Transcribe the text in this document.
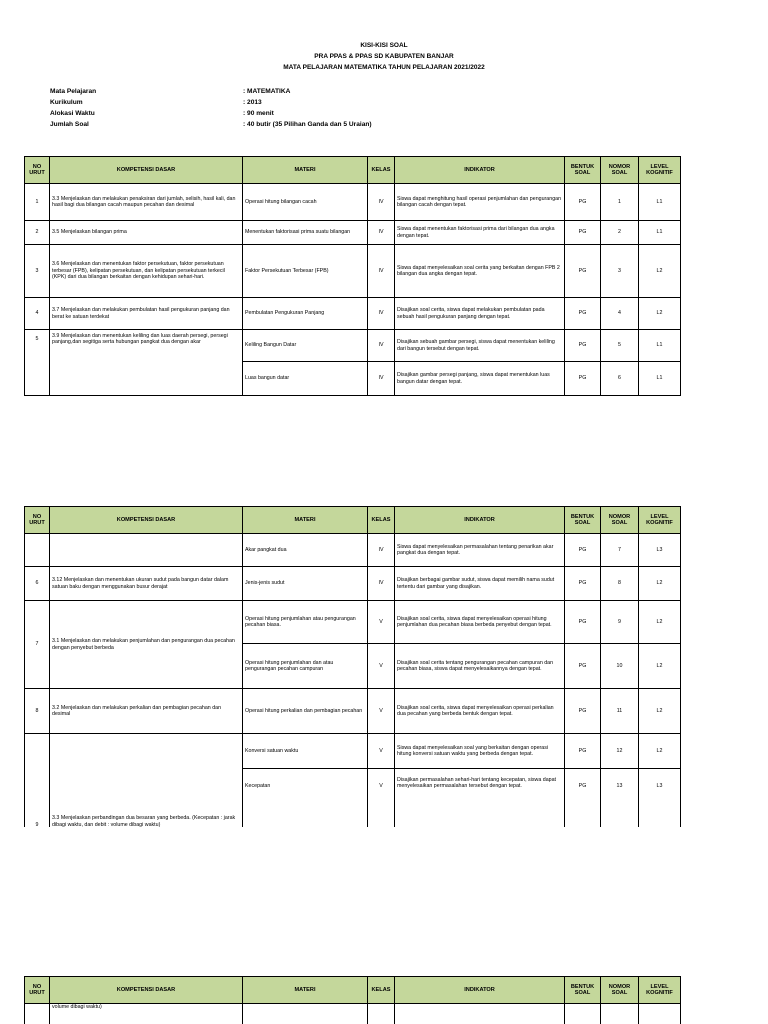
KISI-KISI SOAL
PRA PPAS & PPAS SD KABUPATEN BANJAR
MATA PELAJARAN MATEMATIKA TAHUN PELAJARAN 2021/2022
Mata Pelajaran	: MATEMATIKA
Kurikulum	: 2013
Alokasi Waktu	: 90 menit
Jumlah Soal	: 40 butir (35 Pilihan Ganda dan 5 Uraian)
NO URUT	KOMPETENSI DASAR	MATERI	KELAS	INDIKATOR	BENTUK SOAL	NOMOR SOAL	LEVEL KOGNITIF
1	3.3 Menjelaskan dan melakukan penaksiran dari jumlah, selisih, hasil kali, dan hasil bagi dua bilangan cacah maupun pecahan dan desimal	Operasi hitung bilangan cacah	IV	Siswa dapat menghitung hasil operasi penjumlahan dan pengurangan bilangan cacah dengan tepat.	PG	1	L1
2	3.5 Menjelaskan bilangan prima	Menentukan faktorisasi prima suatu bilangan	IV	Siswa dapat menentukan faktorisasi prima dari bilangan dua angka dengan tepat.	PG	2	L1
3	3.6 Menjelaskan dan menentukan faktor persekutuan, faktor persekutuan terbesar (FPB), kelipatan persekutuan, dan kelipatan persekutuan terkecil (KPK) dari dua bilangan berkaitan dengan kehidupan sehari-hari.	Faktor Persekutuan Terbesar (FPB)	IV	Siswa dapat menyelesaikan soal cerita yang berkaitan dengan FPB 2 bilangan dua angka dengan tepat.	PG	3	L2
4	3.7 Menjelaskan dan melakukan pembulatan hasil pengukuran panjang dan berat ke satuan terdekat	Pembulatan Pengukuran Panjang	IV	Disajikan soal cerita, siswa dapat melakukan pembulatan pada sebuah hasil pengukuran panjang dengan tepat.	PG	4	L2
5	3.9 Menjelaskan dan menentukan keliling dan luas daerah persegi, persegi panjang,dan segitiga serta hubungan pangkat dua dengan akar	Keliling Bangun Datar	IV	Disajikan sebuah gambar persegi, siswa dapat menentukan keliling dari bangun tersebut dengan tepat.	PG	5	L1
		Luas bangun datar	IV	Disajikan gambar persegi panjang, siswa dapat menentukan luas bangun datar dengan tepat.	PG	6	L1
NO URUT	KOMPETENSI DASAR	MATERI	KELAS	INDIKATOR	BENTUK SOAL	NOMOR SOAL	LEVEL KOGNITIF
		Akar pangkat dua	IV	Siswa dapat menyelesaikan permasalahan tentang penarikan akar pangkat dua dengan tepat.	PG	7	L3
6	3.12 Menjelaskan dan menentukan ukuran sudut pada bangun datar dalam satuan baku dengan menggunakan busur derajat	Jenis-jenis sudut	IV	Disajikan berbagai gambar sudut, siswa dapat memilih nama sudut tertentu dari gambar yang disajikan.	PG	8	L2
7	3.1 Menjelaskan dan melakukan penjumlahan dan pengurangan dua pecahan dengan penyebut berbeda	Operasi hitung penjumlahan atau pengurangan pecahan biasa.	V	Disajikan soal cerita, siswa dapat menyelesaikan operasi hitung penjumlahan dua pecahan biasa berbeda penyebut dengan tepat.	PG	9	L2
		Operasi hitung penjumlahan dan atau pengurangan pecahan campuran	V	Disajikan soal cerita tentang pengurangan pecahan campuran dan pecahan biasa, siswa dapat menyelesaikannya dengan tepat.	PG	10	L2
8	3.2 Menjelaskan dan melakukan perkalian dan pembagian pecahan dan desimal	Operasi hitung perkalian dan pembagian pecahan	V	Disajikan soal cerita, siswa dapat menyelesaikan operasi perkalian dua pecahan yang berbeda bentuk dengan tepat.	PG	11	L2
9	3.3 Menjelaskan perbandingan dua besaran yang berbeda. (Kecepatan : jarak dibagi waktu, dan debit : volume dibagi waktu)	Konversi satuan waktu	V	Siswa dapat menyelesaikan soal yang berkaitan dengan operasi hitung konversi satuan waktu yang berbeda dengan tepat.	PG	12	L2
		Kecepatan	V	Disajikan permasalahan sehari-hari tentang kecepatan, siswa dapat menyelesaikan permasalahan tersebut dengan tepat.	PG	13	L3
NO URUT	KOMPETENSI DASAR	MATERI	KELAS	INDIKATOR	BENTUK SOAL	NOMOR SOAL	LEVEL KOGNITIF
	volume dibagi waktu)						
